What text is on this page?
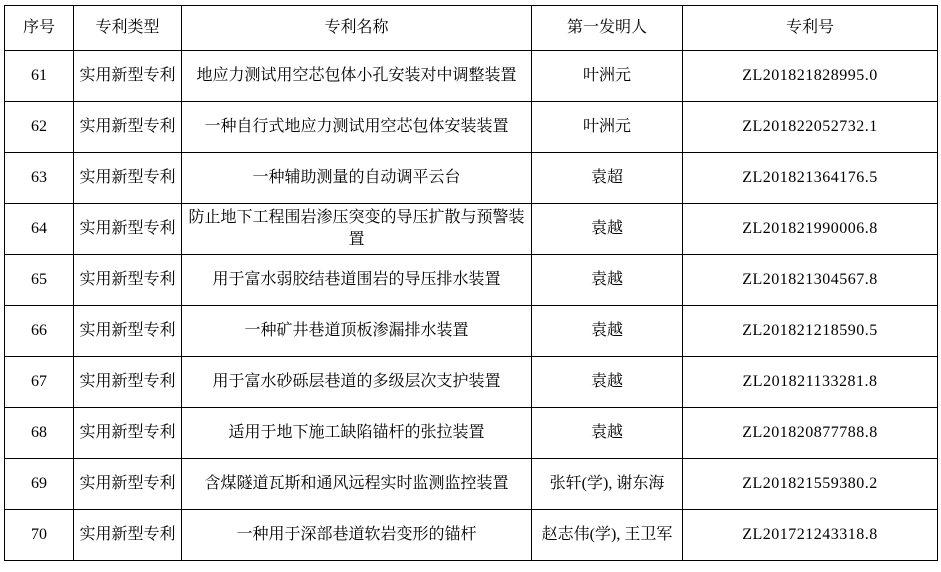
序号	专利类型	专利名称	第一发明人	专利号
61	实用新型专利	地应力测试用空芯包体小孔安装对中调整装置	叶洲元	ZL201821828995.0
62	实用新型专利	一种自行式地应力测试用空芯包体安装装置	叶洲元	ZL201822052732.1
63	实用新型专利	一种辅助测量的自动调平云台	袁超	ZL201821364176.5
64	实用新型专利	防止地下工程围岩渗压突变的导压扩散与预警装置	袁越	ZL201821990006.8
65	实用新型专利	用于富水弱胶结巷道围岩的导压排水装置	袁越	ZL201821304567.8
66	实用新型专利	一种矿井巷道顶板渗漏排水装置	袁越	ZL201821218590.5
67	实用新型专利	用于富水砂砾层巷道的多级层次支护装置	袁越	ZL201821133281.8
68	实用新型专利	适用于地下施工缺陷锚杆的张拉装置	袁越	ZL201820877788.8
69	实用新型专利	含煤隧道瓦斯和通风远程实时监测监控装置	张轩(学), 谢东海	ZL201821559380.2
70	实用新型专利	一种用于深部巷道软岩变形的锚杆	赵志伟(学), 王卫军	ZL201721243318.8
